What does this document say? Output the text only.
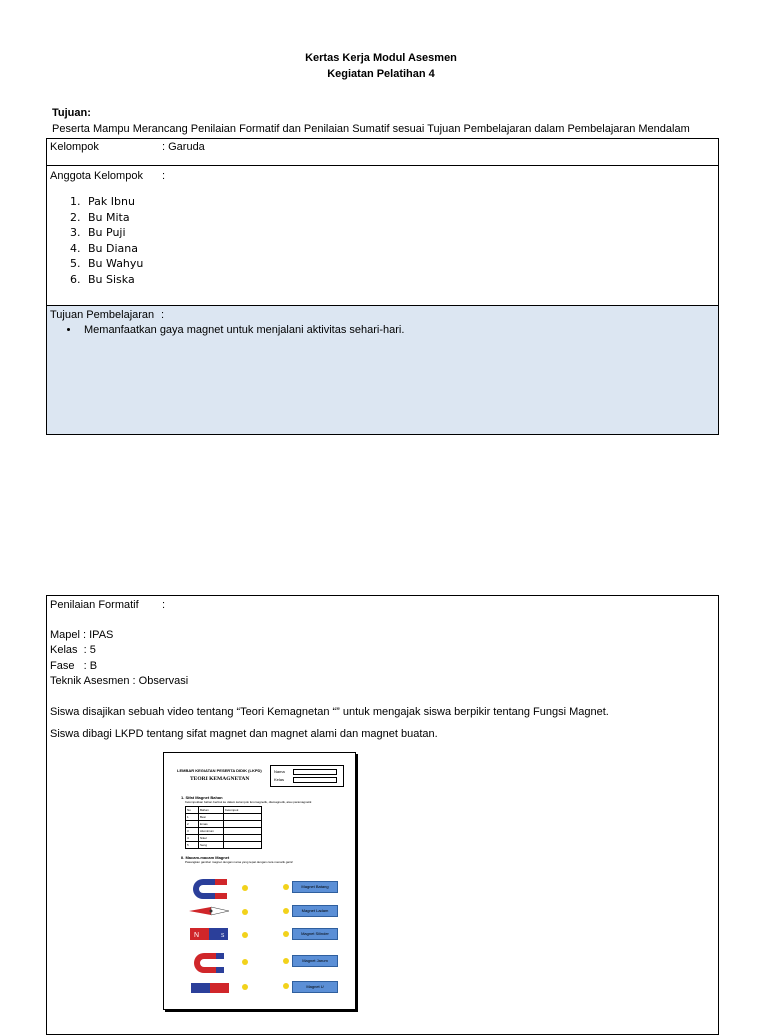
Kertas Kerja Modul Asesmen
Kegiatan Pelatihan 4
Tujuan:
Peserta Mampu Merancang Penilaian Formatif dan Penilaian Sumatif sesuai Tujuan Pembelajaran dalam Pembelajaran Mendalam
Kelompok	: Garuda
Anggota Kelompok :
1. Pak Ibnu
2. Bu Mita
3. Bu Puji
4. Bu Diana
5. Bu Wahyu
6. Bu Siska
Tujuan Pembelajaran :
• Memanfaatkan gaya magnet untuk menjalani aktivitas sehari-hari.
Penilaian Formatif :
Mapel : IPAS
Kelas  : 5
Fase   : B
Teknik Asesmen : Observasi
Siswa disajikan sebuah video tentang “Teori Kemagnetan “” untuk mengajak siswa berpikir tentang Fungsi Magnet.
Siswa dibagi LKPD tentang sifat magnet dan magnet alami dan magnet buatan.
LEMBAR KEGIATAN PESERTA DIDIK (LKPD)
TEORI KEMAGNETAN
Nama
Kelas
1. Sifat Magnet Bahan
Kelompokkan bahan berikut ke dalam kelompok feromagnetik, diamagnetik, atau paramagnetik
No	Bahan	Kelompok
1	Besi	
2	Emas	
3	Aluminium	
4	Nikel	
5	Seng	
II. Macam-macam Magnet
Pasangkan gambar magnet dengan nama yang tepat dengan cara menarik garis!
N	S
Magnet Batang
Magnet Ladam
Magnet Silinder
Magnet Jarum
Magnet U
